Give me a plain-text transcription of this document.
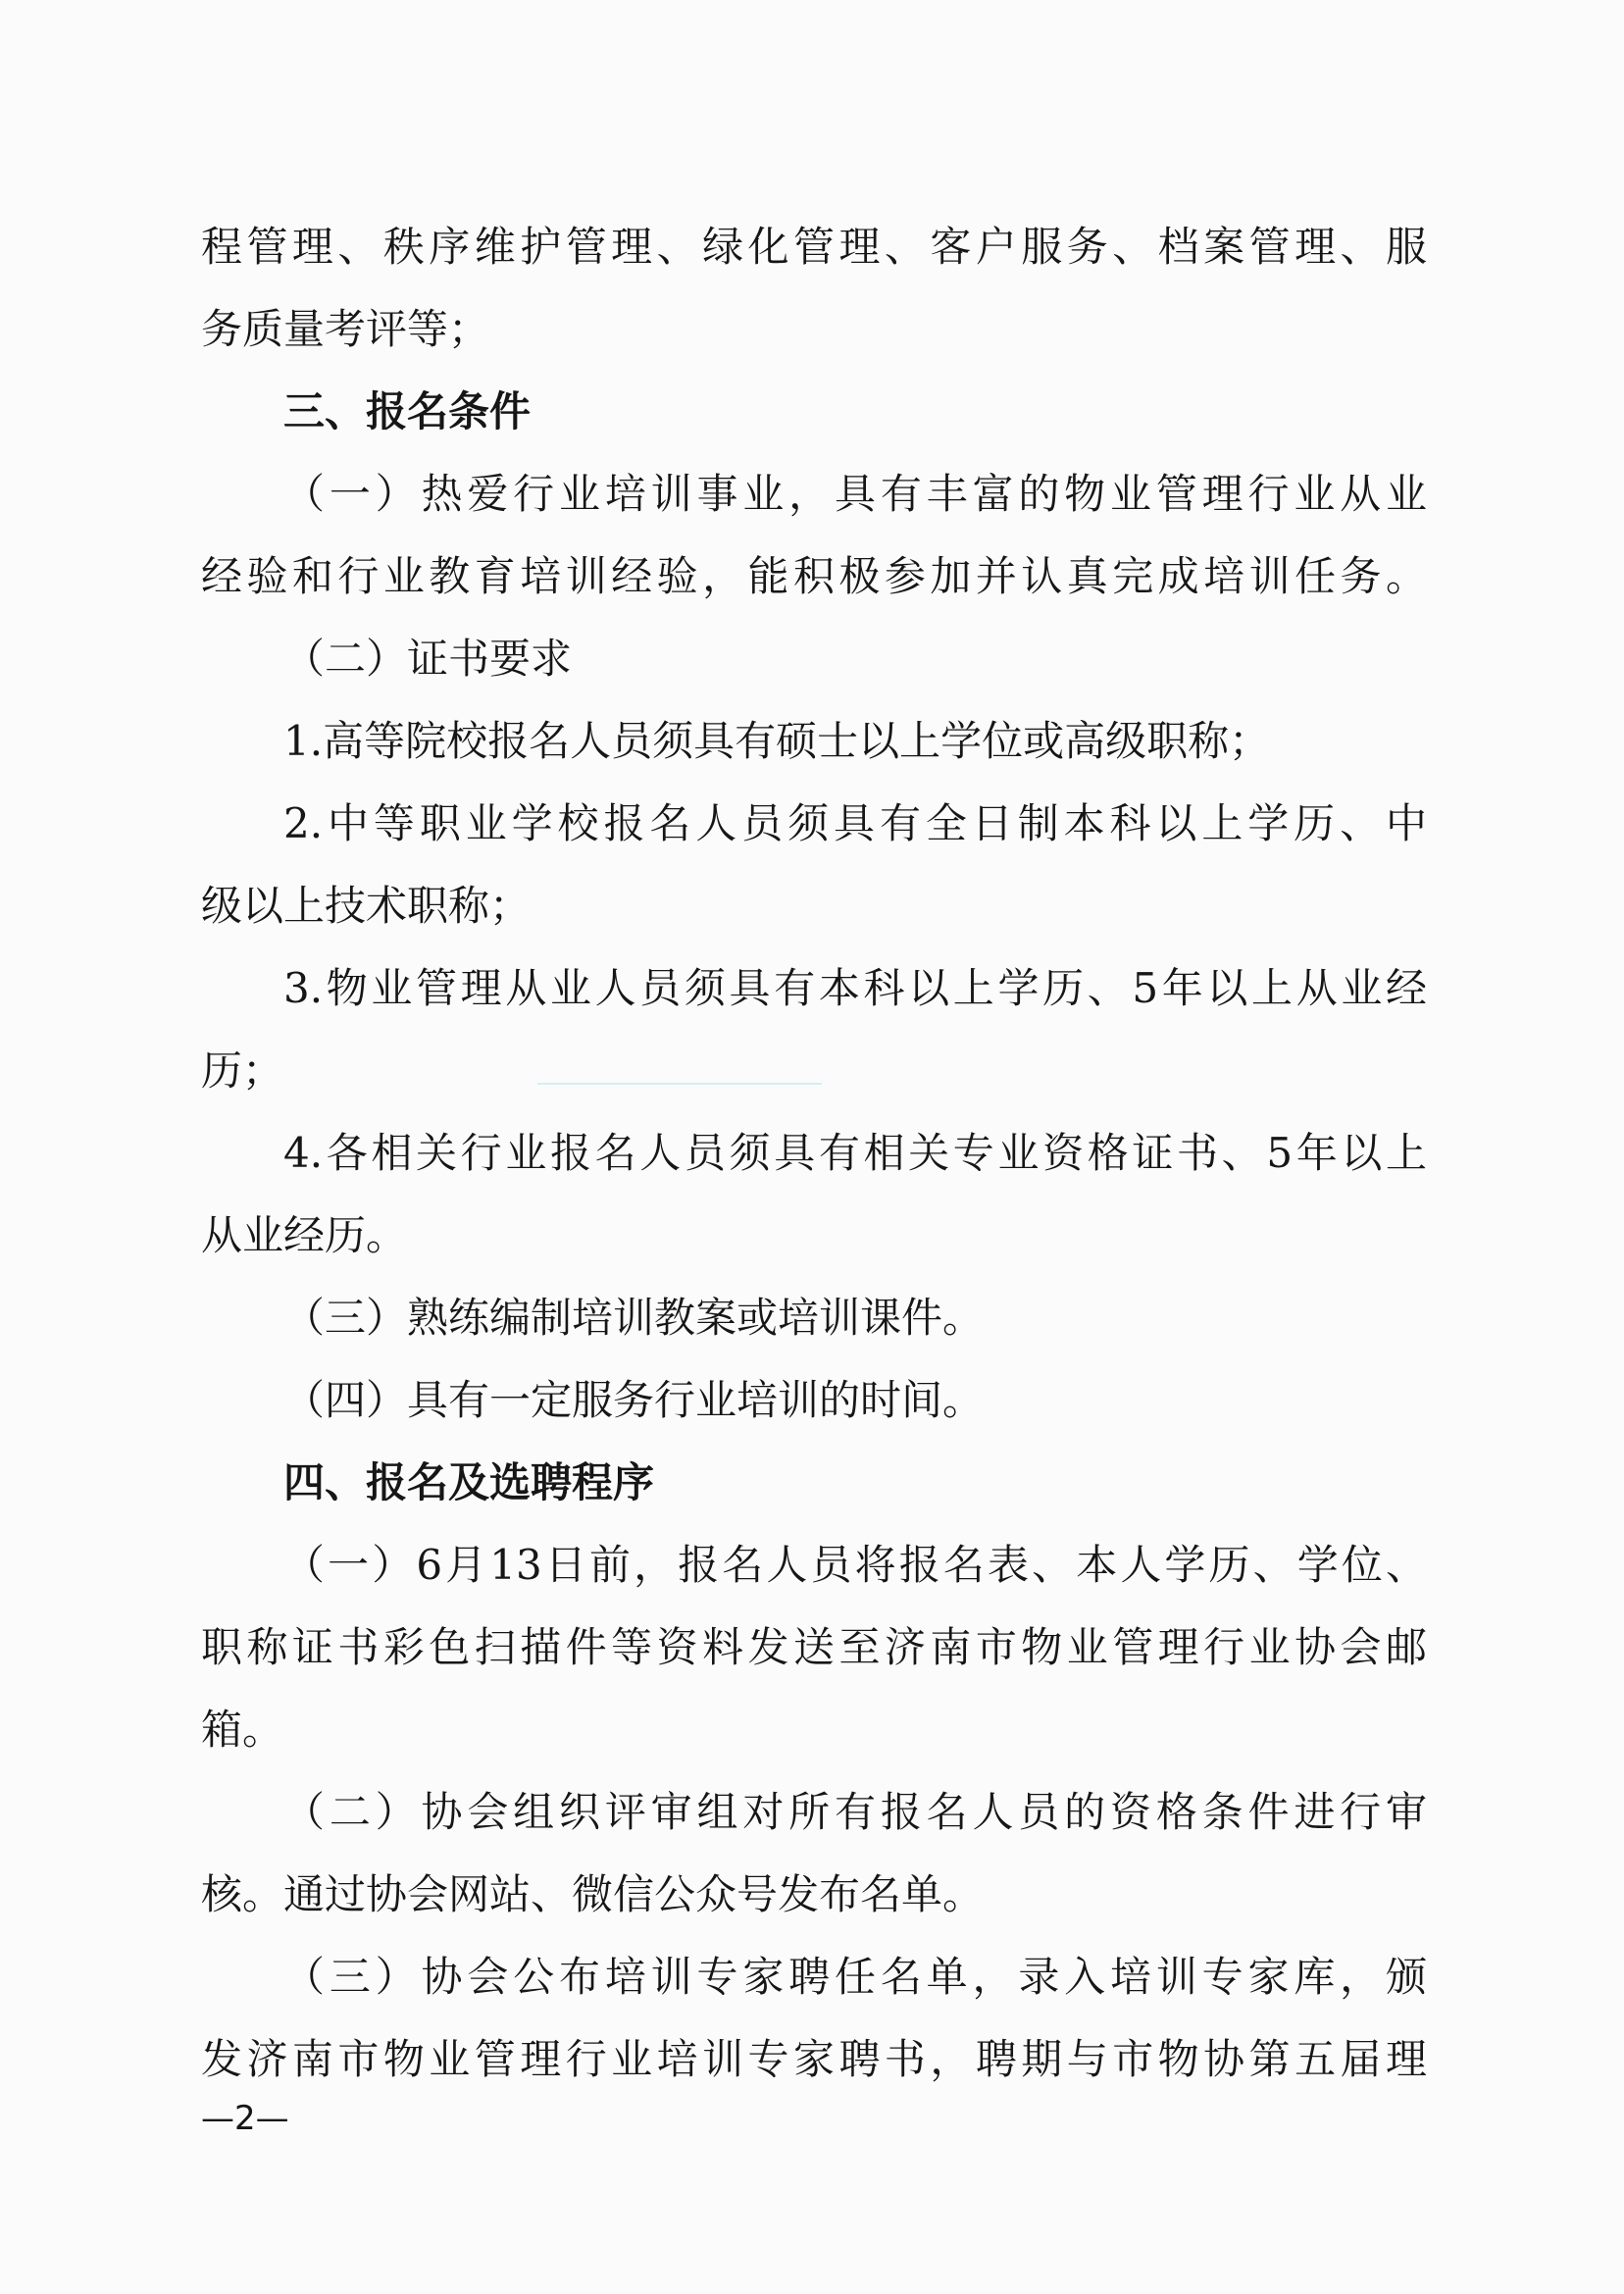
程管理、秩序维护管理、绿化管理、客户服务、档案管理、服
务质量考评等；
三、报名条件
（一）热爱行业培训事业，具有丰富的物业管理行业从业
经验和行业教育培训经验，能积极参加并认真完成培训任务。
（二）证书要求
1.高等院校报名人员须具有硕士以上学位或高级职称；
2.中等职业学校报名人员须具有全日制本科以上学历、中
级以上技术职称；
3.物业管理从业人员须具有本科以上学历、5年以上从业经
历；
4.各相关行业报名人员须具有相关专业资格证书、5年以上
从业经历。
（三）熟练编制培训教案或培训课件。
（四）具有一定服务行业培训的时间。
四、报名及选聘程序
（一）6月13日前，报名人员将报名表、本人学历、学位、
职称证书彩色扫描件等资料发送至济南市物业管理行业协会邮
箱。
（二）协会组织评审组对所有报名人员的资格条件进行审
核。通过协会网站、微信公众号发布名单。
（三）协会公布培训专家聘任名单，录入培训专家库，颁
发济南市物业管理行业培训专家聘书，聘期与市物协第五届理
—2—
